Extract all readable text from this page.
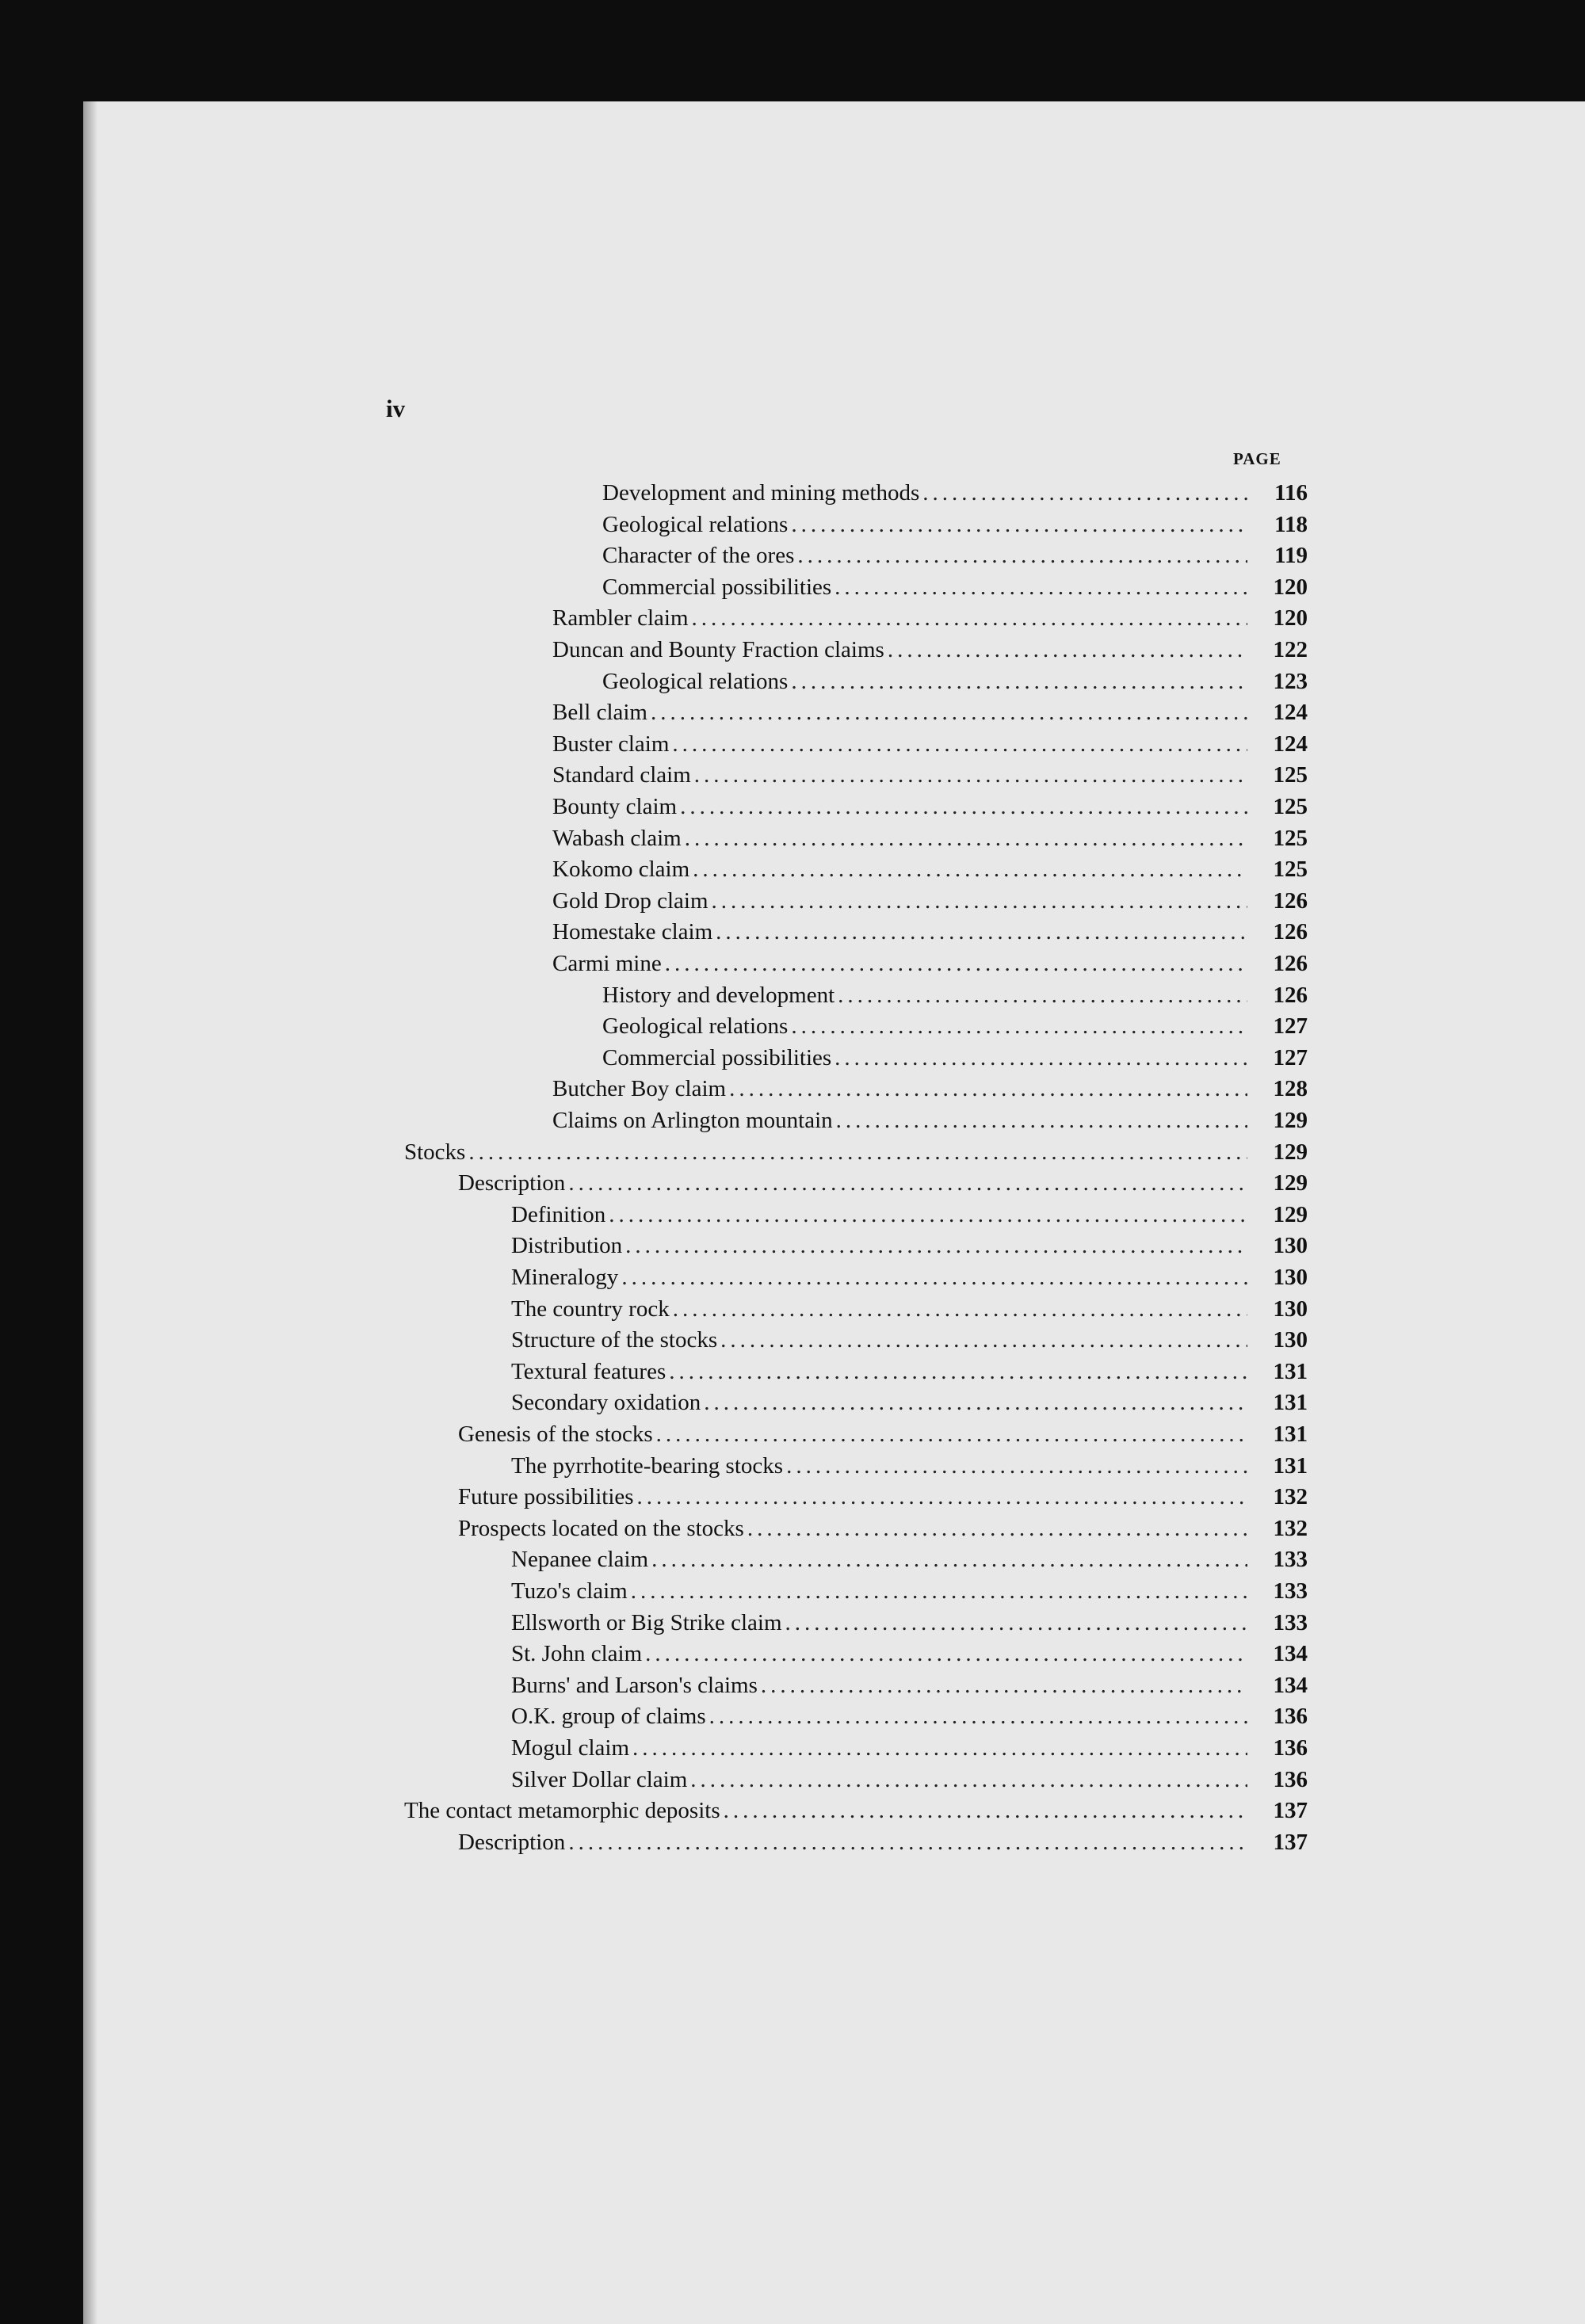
iv
PAGE
Development and mining methods .....	116
Geological relations .....	118
Character of the ores .....	119
Commercial possibilities .....	120
Rambler claim .....	120
Duncan and Bounty Fraction claims .....	122
Geological relations .....	123
Bell claim .....	124
Buster claim .....	124
Standard claim .....	125
Bounty claim .....	125
Wabash claim .....	125
Kokomo claim .....	125
Gold Drop claim .....	126
Homestake claim .....	126
Carmi mine .....	126
History and development .....	126
Geological relations .....	127
Commercial possibilities .....	127
Butcher Boy claim .....	128
Claims on Arlington mountain .....	129
Stocks .....	129
Description .....	129
Definition .....	129
Distribution .....	130
Mineralogy .....	130
The country rock .....	130
Structure of the stocks .....	130
Textural features .....	131
Secondary oxidation .....	131
Genesis of the stocks .....	131
The pyrrhotite-bearing stocks .....	131
Future possibilities .....	132
Prospects located on the stocks .....	132
Nepanee claim .....	133
Tuzo's claim .....	133
Ellsworth or Big Strike claim .....	133
St. John claim .....	134
Burns' and Larson's claims .....	134
O.K. group of claims .....	136
Mogul claim .....	136
Silver Dollar claim .....	136
The contact metamorphic deposits .....	137
Description .....	137
